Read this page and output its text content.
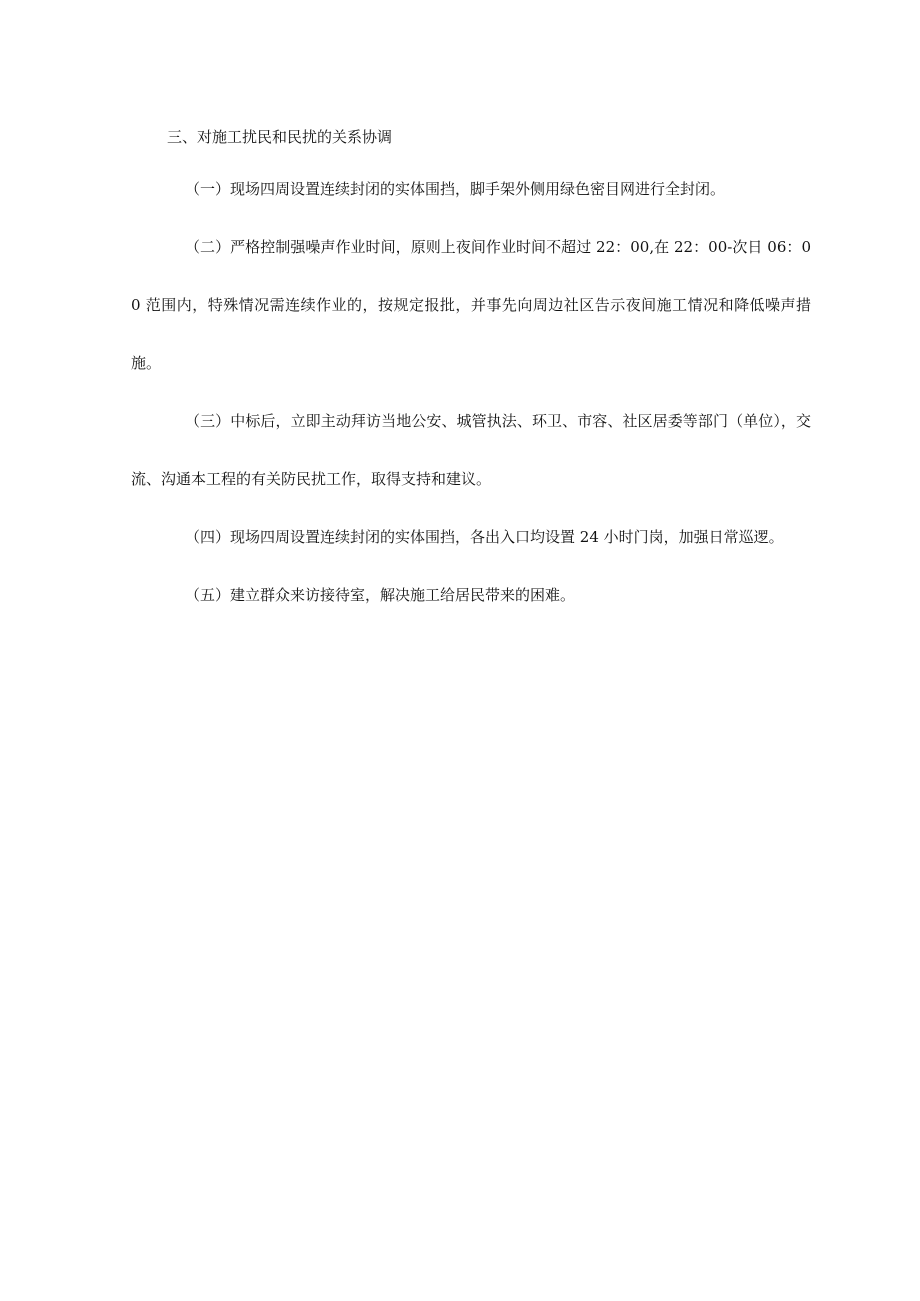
三、对施工扰民和民扰的关系协调

（一）现场四周设置连续封闭的实体围挡，脚手架外侧用绿色密目网进行全封闭。

（二）严格控制强噪声作业时间，原则上夜间作业时间不超过 22：00,在 22：00-次日 06：00 范围内，特殊情况需连续作业的，按规定报批，并事先向周边社区告示夜间施工情况和降低噪声措施。

（三）中标后，立即主动拜访当地公安、城管执法、环卫、市容、社区居委等部门（单位），交流、沟通本工程的有关防民扰工作，取得支持和建议。

（四）现场四周设置连续封闭的实体围挡，各出入口均设置 24 小时门岗，加强日常巡逻。

（五）建立群众来访接待室，解决施工给居民带来的困难。
